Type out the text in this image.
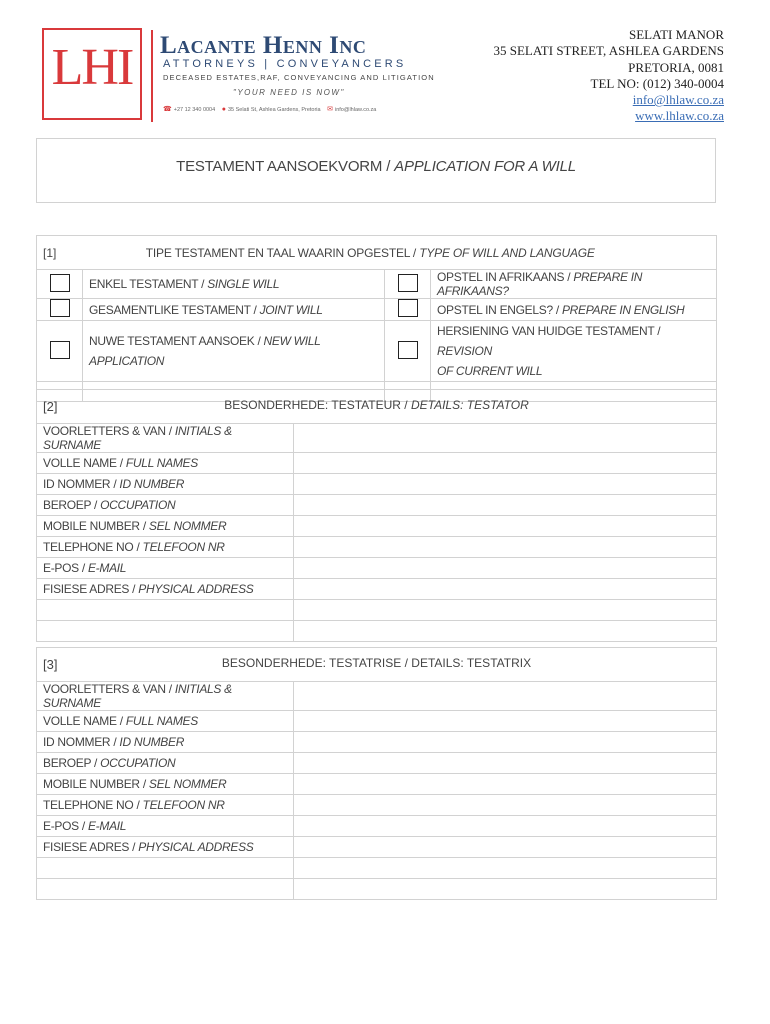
LHI	Lacante Henn Inc
ATTORNEYS | CONVEYANCERS
DECEASED ESTATES,RAF, CONVEYANCING AND LITIGATION
"YOUR NEED IS NOW"
☎ +27 12 340 0004 ● 35 Selati St, Ashlea Gardens, Pretoria ✉ info@lhlaw.co.za
SELATI MANOR
35 SELATI STREET, ASHLEA GARDENS
PRETORIA, 0081
TEL NO: (012) 340-0004
info@lhlaw.co.za
www.lhlaw.co.za
TESTAMENT AANSOEKVORM / APPLICATION FOR A WILL
[1]	TIPE TESTAMENT EN TAAL WAARIN OPGESTEL / TYPE OF WILL AND LANGUAGE		
	ENKEL TESTAMENT / SINGLE WILL		OPSTEL IN AFRIKAANS / PREPARE IN AFRIKAANS?
	GESAMENTLIKE TESTAMENT / JOINT WILL		OPSTEL IN ENGELS? / PREPARE IN ENGLISH
	NUWE TESTAMENT AANSOEK / NEW WILL
APPLICATION		HERSIENING VAN HUIDGE TESTAMENT / REVISION
OF CURRENT WILL

[2] BESONDERHEDE: TESTATEUR / DETAILS: TESTATOR	

VOORLETTERS & VAN / INITIALS & SURNAME	
VOLLE NAME / FULL NAMES	
ID NOMMER / ID NUMBER	
BEROEP / OCCUPATION	
MOBILE NUMBER / SEL NOMMER	
TELEPHONE NO / TELEFOON NR	
E-POS / E-MAIL	
FISIESE ADRES / PHYSICAL ADDRESS	

[3] BESONDERHEDE: TESTATRISE / DETAILS: TESTATRIX	

VOORLETTERS & VAN / INITIALS & SURNAME	
VOLLE NAME / FULL NAMES	
ID NOMMER / ID NUMBER	
BEROEP / OCCUPATION	
MOBILE NUMBER / SEL NOMMER	
TELEPHONE NO / TELEFOON NR	
E-POS / E-MAIL	
FISIESE ADRES / PHYSICAL ADDRESS	
